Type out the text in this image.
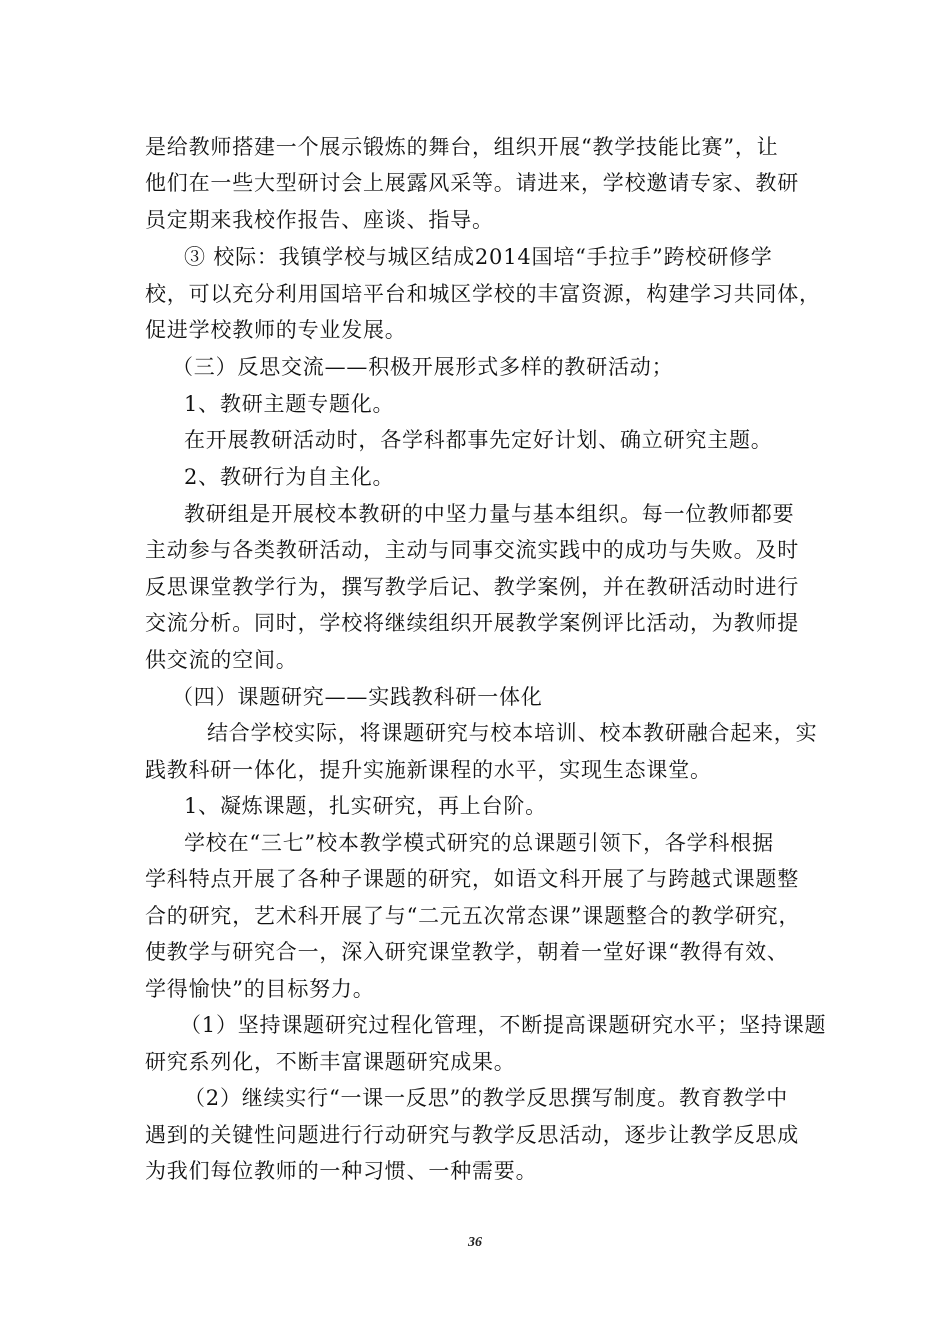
是给教师搭建一个展示锻炼的舞台，组织开展“教学技能比赛”，让
他们在一些大型研讨会上展露风采等。请进来，学校邀请专家、教研
员定期来我校作报告、座谈、指导。
③ 校际：我镇学校与城区结成2014国培“手拉手”跨校研修学
校，可以充分利用国培平台和城区学校的丰富资源，构建学习共同体，
促进学校教师的专业发展。
（三）反思交流——积极开展形式多样的教研活动；
1、教研主题专题化。
在开展教研活动时，各学科都事先定好计划、确立研究主题。
2、教研行为自主化。
教研组是开展校本教研的中坚力量与基本组织。每一位教师都要
主动参与各类教研活动，主动与同事交流实践中的成功与失败。及时
反思课堂教学行为，撰写教学后记、教学案例，并在教研活动时进行
交流分析。同时，学校将继续组织开展教学案例评比活动，为教师提
供交流的空间。
（四）课题研究——实践教科研一体化
结合学校实际，将课题研究与校本培训、校本教研融合起来，实
践教科研一体化，提升实施新课程的水平，实现生态课堂。
1、凝炼课题，扎实研究，再上台阶。
学校在“三七”校本教学模式研究的总课题引领下，各学科根据
学科特点开展了各种子课题的研究，如语文科开展了与跨越式课题整
合的研究，艺术科开展了与“二元五次常态课”课题整合的教学研究，
使教学与研究合一，深入研究课堂教学，朝着一堂好课“教得有效、
学得愉快”的目标努力。
（1）坚持课题研究过程化管理，不断提高课题研究水平；坚持课题
研究系列化，不断丰富课题研究成果。
（2）继续实行“一课一反思”的教学反思撰写制度。教育教学中
遇到的关键性问题进行行动研究与教学反思活动，逐步让教学反思成
为我们每位教师的一种习惯、一种需要。
36
